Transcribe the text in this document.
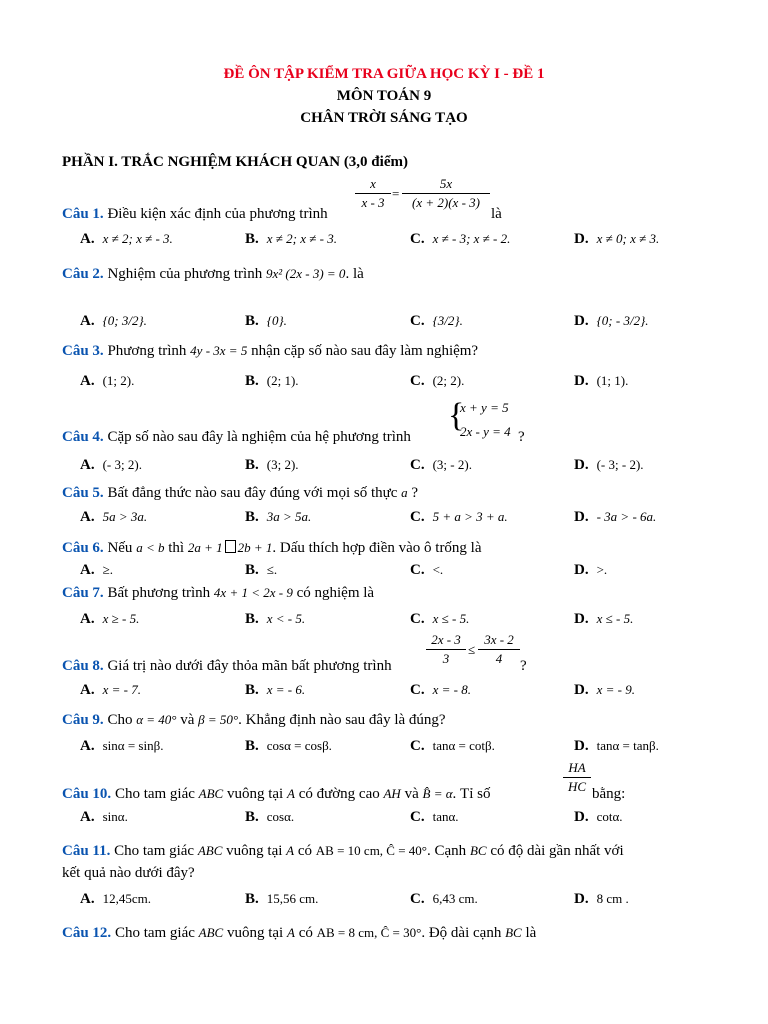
ĐỀ ÔN TẬP KIỂM TRA GIỮA HỌC KỲ I - ĐỀ 1
MÔN TOÁN 9
CHÂN TRỜI SÁNG TẠO
PHẦN I. TRẮC NGHIỆM KHÁCH QUAN (3,0 điểm)
Câu 1. Điều kiện xác định của phương trình
x
x - 3
=
5x
(x + 2)(x - 3)
là
A. x ≠ 2; x ≠ - 3.	B. x ≠ 2; x ≠ - 3.	C. x ≠ - 3; x ≠ - 2.	D. x ≠ 0; x ≠ 3.
Câu 2. Nghiệm của phương trình 9x² (2x - 3) = 0. là
A. {0; 3/2}.	B. {0}.	C. {3/2}.	D. {0; - 3/2}.
Câu 3. Phương trình 4y - 3x = 5 nhận cặp số nào sau đây làm nghiệm?
A. (1; 2).	B. (2; 1).	C. (2; 2).	D. (1; 1).
Câu 4. Cặp số nào sau đây là nghiệm của hệ phương trình
{
x + y = 5
2x - y = 4 ?
A. (- 3; 2).	B. (3; 2).	C. (3; - 2).	D. (- 3; - 2).
Câu 5. Bất đẳng thức nào sau đây đúng với mọi số thực a ?
A. 5a > 3a.	B. 3a > 5a.	C. 5 + a > 3 + a.	D. - 3a > - 6a.
Câu 6. Nếu a < b thì 2a + 1 2b + 1. Dấu thích hợp điền vào ô trống là
A. ≥.	B. ≤.	C. <.	D. >.
Câu 7. Bất phương trình 4x + 1 < 2x - 9 có nghiệm là
A. x ≥ - 5.	B. x < - 5.	C. x ≤ - 5.	D. x ≤ - 5.
Câu 8. Giá trị nào dưới đây thỏa mãn bất phương trình
2x - 3
3
≤
3x - 2
4	?
A. x = - 7.	B. x = - 6.	C. x = - 8.	D. x = - 9.
Câu 9. Cho α = 40° và β = 50°. Khẳng định nào sau đây là đúng?
A. sinα = sinβ.	B. cosα = cosβ.	C. tanα = cotβ.	D. tanα = tanβ.
Câu 10. Cho tam giác ABC vuông tại A có đường cao AH và B̂ = α. Tỉ số
HA
HC bằng:
A. sinα.	B. cosα.	C. tanα.	D. cotα.
Câu 11. Cho tam giác ABC vuông tại A có AB = 10 cm, Ĉ = 40°. Cạnh BC có độ dài gần nhất với
kết quả nào dưới đây?
A. 12,45cm.	B. 15,56 cm.	C. 6,43 cm.	D. 8 cm .
Câu 12. Cho tam giác ABC vuông tại A có AB = 8 cm, Ĉ = 30°. Độ dài cạnh BC là
